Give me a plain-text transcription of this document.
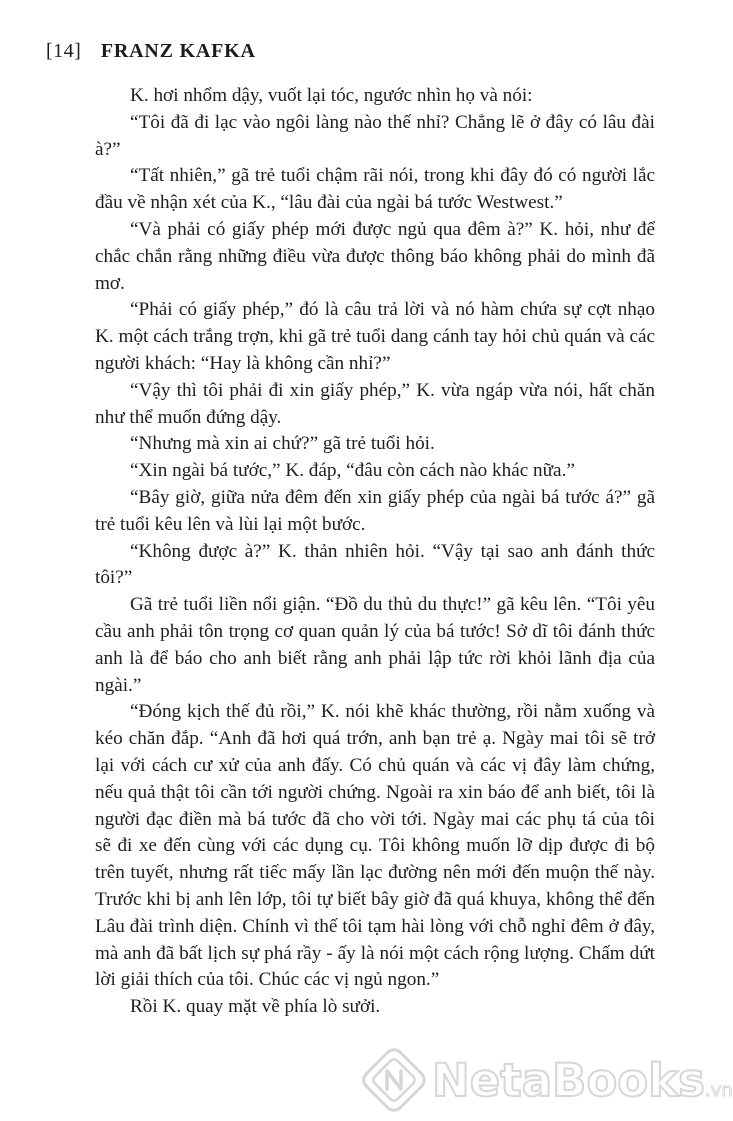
[14] FRANZ KAFKA

K. hơi nhổm dậy, vuốt lại tóc, ngước nhìn họ và nói:

“Tôi đã đi lạc vào ngôi làng nào thế nhỉ? Chẳng lẽ ở đây có lâu đài à?”

“Tất nhiên,” gã trẻ tuổi chậm rãi nói, trong khi đây đó có người lắc đầu về nhận xét của K., “lâu đài của ngài bá tước Westwest.”

“Và phải có giấy phép mới được ngủ qua đêm à?” K. hỏi, như để chắc chắn rằng những điều vừa được thông báo không phải do mình đã mơ.

“Phải có giấy phép,” đó là câu trả lời và nó hàm chứa sự cợt nhạo K. một cách trắng trợn, khi gã trẻ tuổi dang cánh tay hỏi chủ quán và các người khách: “Hay là không cần nhỉ?”

“Vậy thì tôi phải đi xin giấy phép,” K. vừa ngáp vừa nói, hất chăn như thể muốn đứng dậy.

“Nhưng mà xin ai chứ?” gã trẻ tuổi hỏi.

“Xin ngài bá tước,” K. đáp, “đâu còn cách nào khác nữa.”

“Bây giờ, giữa nửa đêm đến xin giấy phép của ngài bá tước á?” gã trẻ tuổi kêu lên và lùi lại một bước.

“Không được à?” K. thản nhiên hỏi. “Vậy tại sao anh đánh thức tôi?”

Gã trẻ tuổi liền nổi giận. “Đồ du thủ du thực!” gã kêu lên. “Tôi yêu cầu anh phải tôn trọng cơ quan quản lý của bá tước! Sở dĩ tôi đánh thức anh là để báo cho anh biết rằng anh phải lập tức rời khỏi lãnh địa của ngài.”

“Đóng kịch thế đủ rồi,” K. nói khẽ khác thường, rồi nằm xuống và kéo chăn đắp. “Anh đã hơi quá trớn, anh bạn trẻ ạ. Ngày mai tôi sẽ trở lại với cách cư xử của anh đấy. Có chủ quán và các vị đây làm chứng, nếu quả thật tôi cần tới người chứng. Ngoài ra xin báo để anh biết, tôi là người đạc điền mà bá tước đã cho vời tới. Ngày mai các phụ tá của tôi sẽ đi xe đến cùng với các dụng cụ. Tôi không muốn lỡ dịp được đi bộ trên tuyết, nhưng rất tiếc mấy lần lạc đường nên mới đến muộn thế này. Trước khi bị anh lên lớp, tôi tự biết bây giờ đã quá khuya, không thể đến Lâu đài trình diện. Chính vì thế tôi tạm hài lòng với chỗ nghỉ đêm ở đây, mà anh đã bất lịch sự phá rầy - ấy là nói một cách rộng lượng. Chấm dứt lời giải thích của tôi. Chúc các vị ngủ ngon.”

Rồi K. quay mặt về phía lò sưởi.

NetaBooks.vn
